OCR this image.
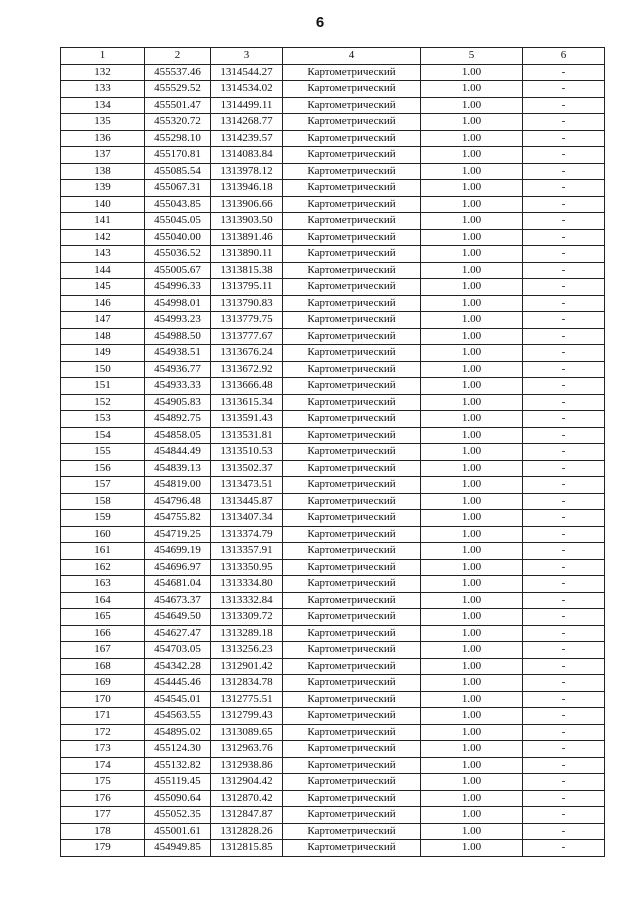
6
1	2	3	4	5	6
132	455537.46	1314544.27	Картометрический	1.00	-
133	455529.52	1314534.02	Картометрический	1.00	-
134	455501.47	1314499.11	Картометрический	1.00	-
135	455320.72	1314268.77	Картометрический	1.00	-
136	455298.10	1314239.57	Картометрический	1.00	-
137	455170.81	1314083.84	Картометрический	1.00	-
138	455085.54	1313978.12	Картометрический	1.00	-
139	455067.31	1313946.18	Картометрический	1.00	-
140	455043.85	1313906.66	Картометрический	1.00	-
141	455045.05	1313903.50	Картометрический	1.00	-
142	455040.00	1313891.46	Картометрический	1.00	-
143	455036.52	1313890.11	Картометрический	1.00	-
144	455005.67	1313815.38	Картометрический	1.00	-
145	454996.33	1313795.11	Картометрический	1.00	-
146	454998.01	1313790.83	Картометрический	1.00	-
147	454993.23	1313779.75	Картометрический	1.00	-
148	454988.50	1313777.67	Картометрический	1.00	-
149	454938.51	1313676.24	Картометрический	1.00	-
150	454936.77	1313672.92	Картометрический	1.00	-
151	454933.33	1313666.48	Картометрический	1.00	-
152	454905.83	1313615.34	Картометрический	1.00	-
153	454892.75	1313591.43	Картометрический	1.00	-
154	454858.05	1313531.81	Картометрический	1.00	-
155	454844.49	1313510.53	Картометрический	1.00	-
156	454839.13	1313502.37	Картометрический	1.00	-
157	454819.00	1313473.51	Картометрический	1.00	-
158	454796.48	1313445.87	Картометрический	1.00	-
159	454755.82	1313407.34	Картометрический	1.00	-
160	454719.25	1313374.79	Картометрический	1.00	-
161	454699.19	1313357.91	Картометрический	1.00	-
162	454696.97	1313350.95	Картометрический	1.00	-
163	454681.04	1313334.80	Картометрический	1.00	-
164	454673.37	1313332.84	Картометрический	1.00	-
165	454649.50	1313309.72	Картометрический	1.00	-
166	454627.47	1313289.18	Картометрический	1.00	-
167	454703.05	1313256.23	Картометрический	1.00	-
168	454342.28	1312901.42	Картометрический	1.00	-
169	454445.46	1312834.78	Картометрический	1.00	-
170	454545.01	1312775.51	Картометрический	1.00	-
171	454563.55	1312799.43	Картометрический	1.00	-
172	454895.02	1313089.65	Картометрический	1.00	-
173	455124.30	1312963.76	Картометрический	1.00	-
174	455132.82	1312938.86	Картометрический	1.00	-
175	455119.45	1312904.42	Картометрический	1.00	-
176	455090.64	1312870.42	Картометрический	1.00	-
177	455052.35	1312847.87	Картометрический	1.00	-
178	455001.61	1312828.26	Картометрический	1.00	-
179	454949.85	1312815.85	Картометрический	1.00	-
